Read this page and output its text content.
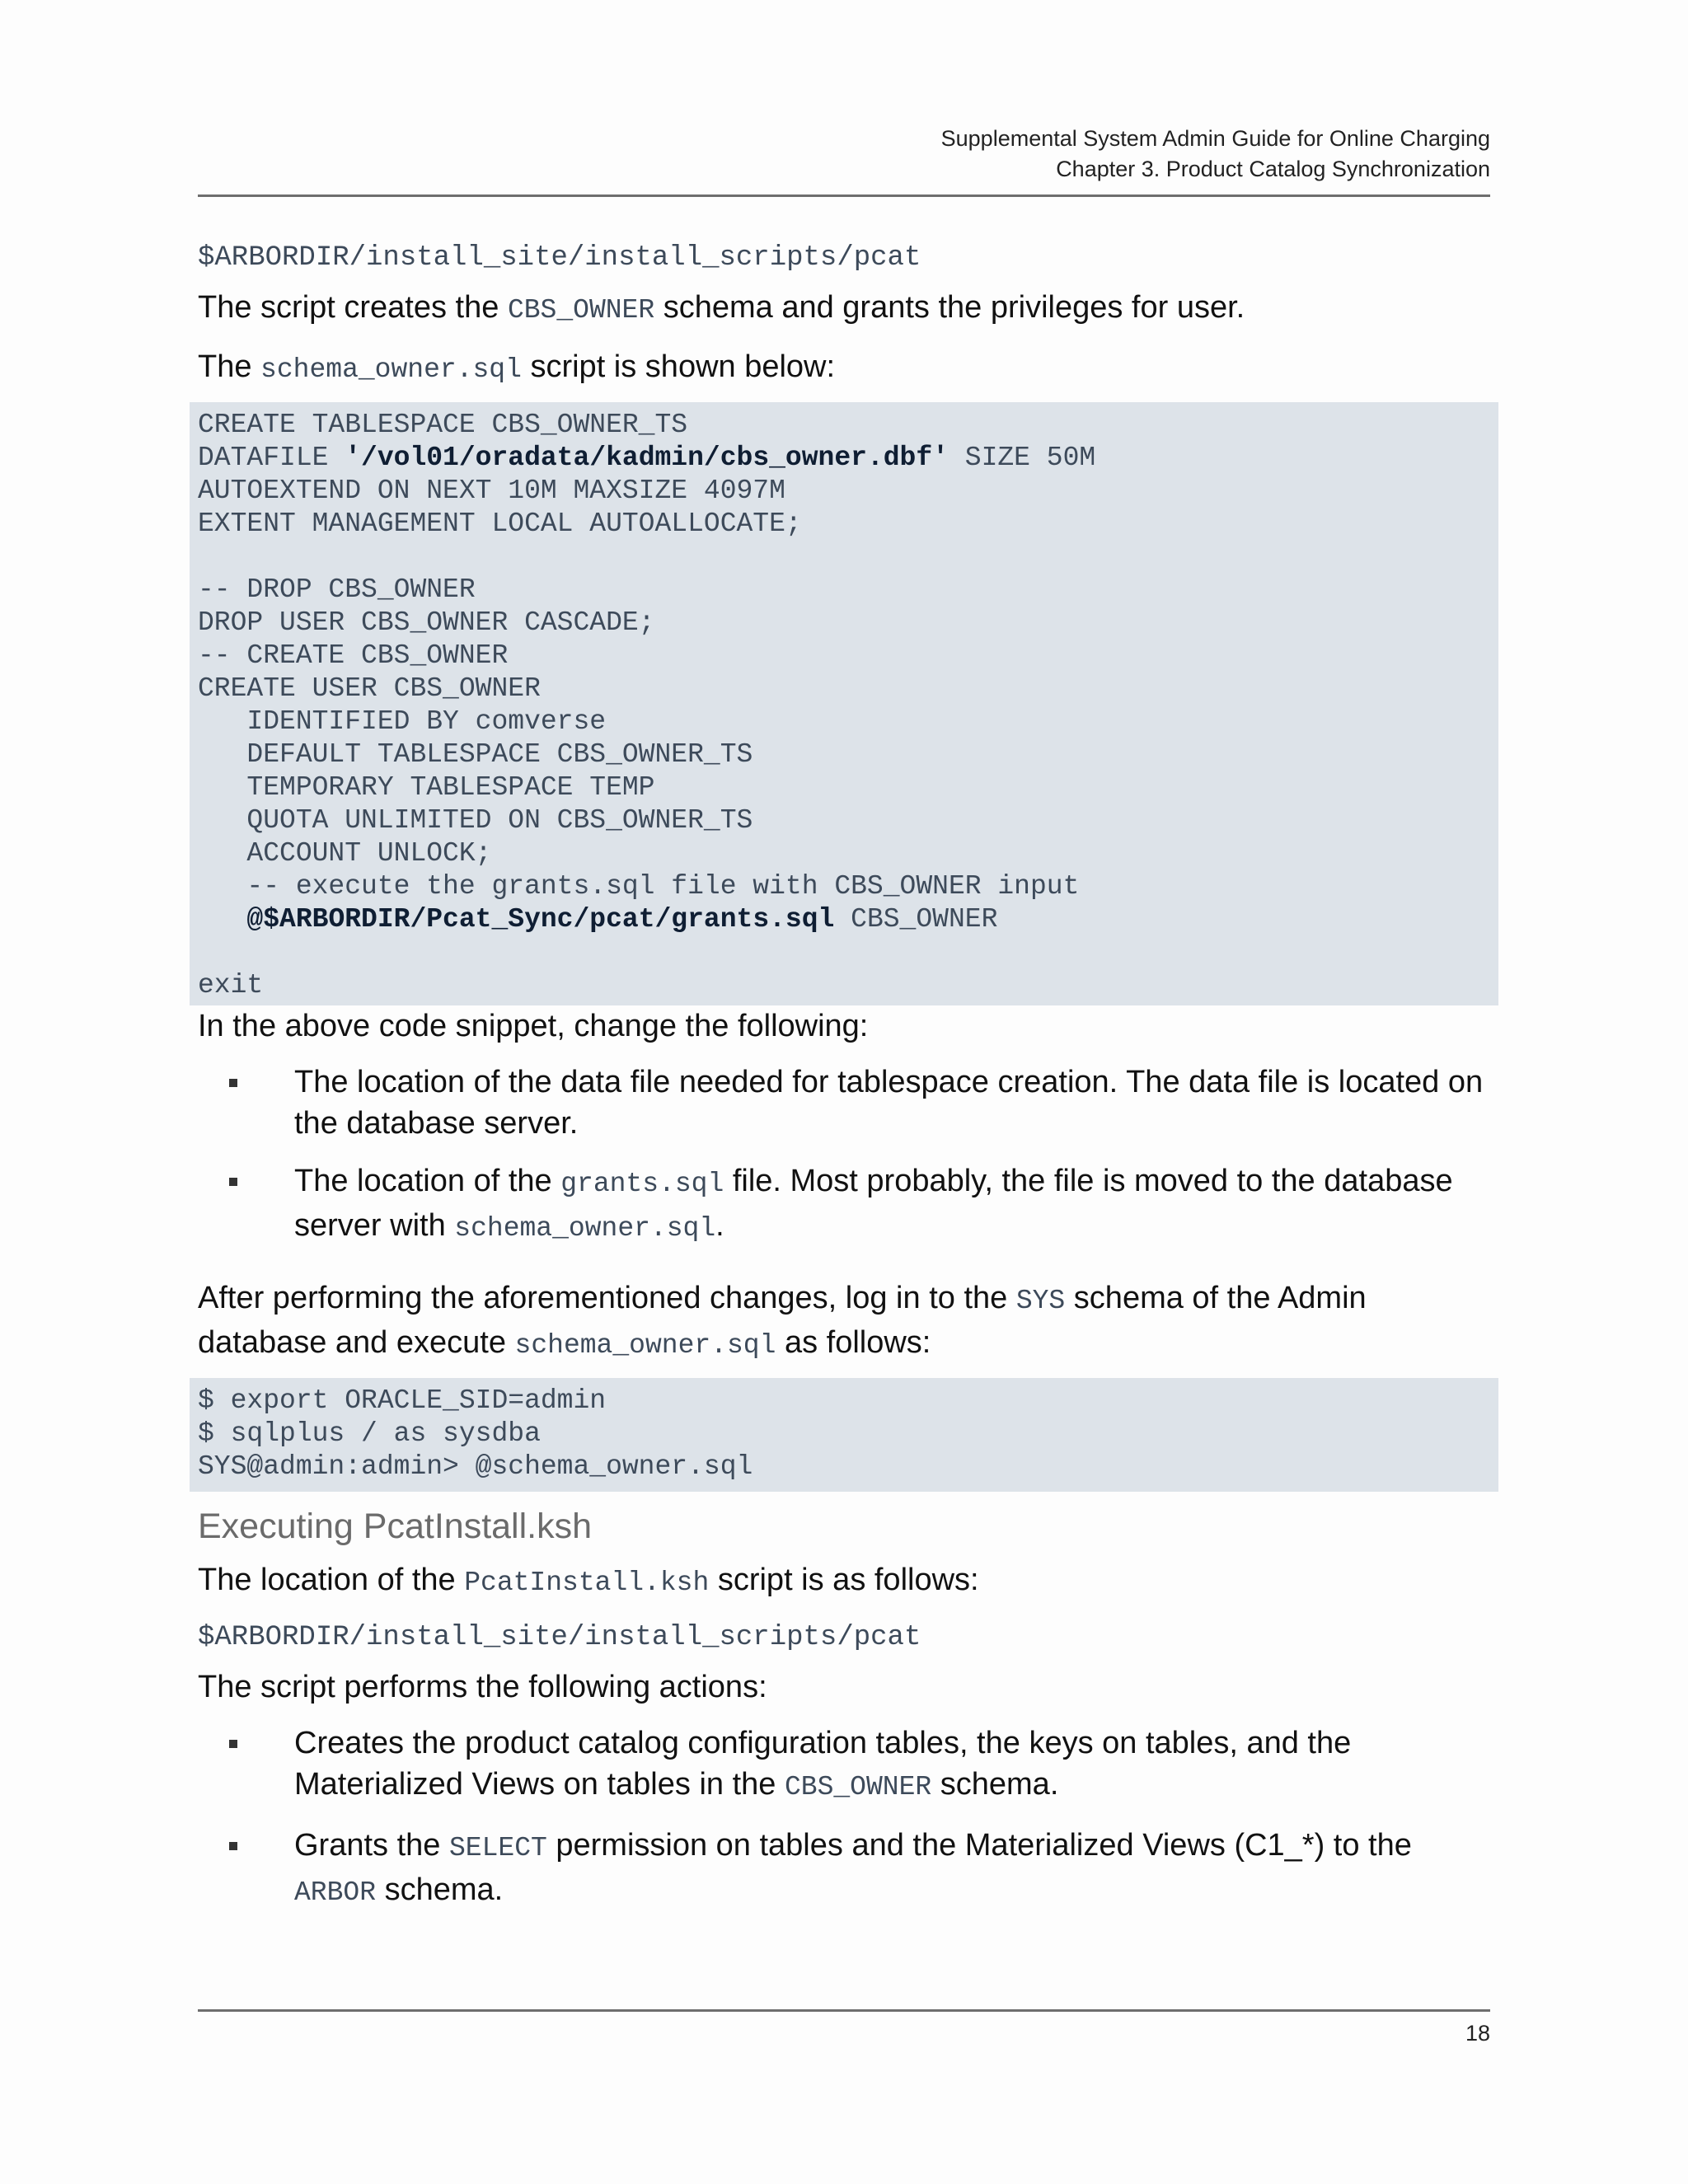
Supplemental System Admin Guide for Online Charging
Chapter 3. Product Catalog Synchronization
$ARBORDIR/install_site/install_scripts/pcat

The script creates the CBS_OWNER schema and grants the privileges for user.

The schema_owner.sql script is shown below:

CREATE TABLESPACE CBS_OWNER_TS
DATAFILE '/vol01/oradata/kadmin/cbs_owner.dbf' SIZE 50M
AUTOEXTEND ON NEXT 10M MAXSIZE 4097M
EXTENT MANAGEMENT LOCAL AUTOALLOCATE;
-- DROP CBS_OWNER
DROP USER CBS_OWNER CASCADE;
-- CREATE CBS_OWNER
CREATE USER CBS_OWNER
IDENTIFIED BY comverse
DEFAULT TABLESPACE CBS_OWNER_TS
TEMPORARY TABLESPACE TEMP
QUOTA UNLIMITED ON CBS_OWNER_TS
ACCOUNT UNLOCK;
-- execute the grants.sql file with CBS_OWNER input
@$ARBORDIR/Pcat_Sync/pcat/grants.sql CBS_OWNER
exit

In the above code snippet, change the following:

The location of the data file needed for tablespace creation. The data file is located on the database server.
The location of the grants.sql file. Most probably, the file is moved to the database server with schema_owner.sql.

After performing the aforementioned changes, log in to the SYS schema of the Admin database and execute schema_owner.sql as follows:

$ export ORACLE_SID=admin
$ sqlplus / as sysdba
SYS@admin:admin> @schema_owner.sql
Executing PcatInstall.ksh

The location of the PcatInstall.ksh script is as follows:

$ARBORDIR/install_site/install_scripts/pcat

The script performs the following actions:

Creates the product catalog configuration tables, the keys on tables, and the Materialized Views on tables in the CBS_OWNER schema.
Grants the SELECT permission on tables and the Materialized Views (C1_*) to the ARBOR schema.
18
